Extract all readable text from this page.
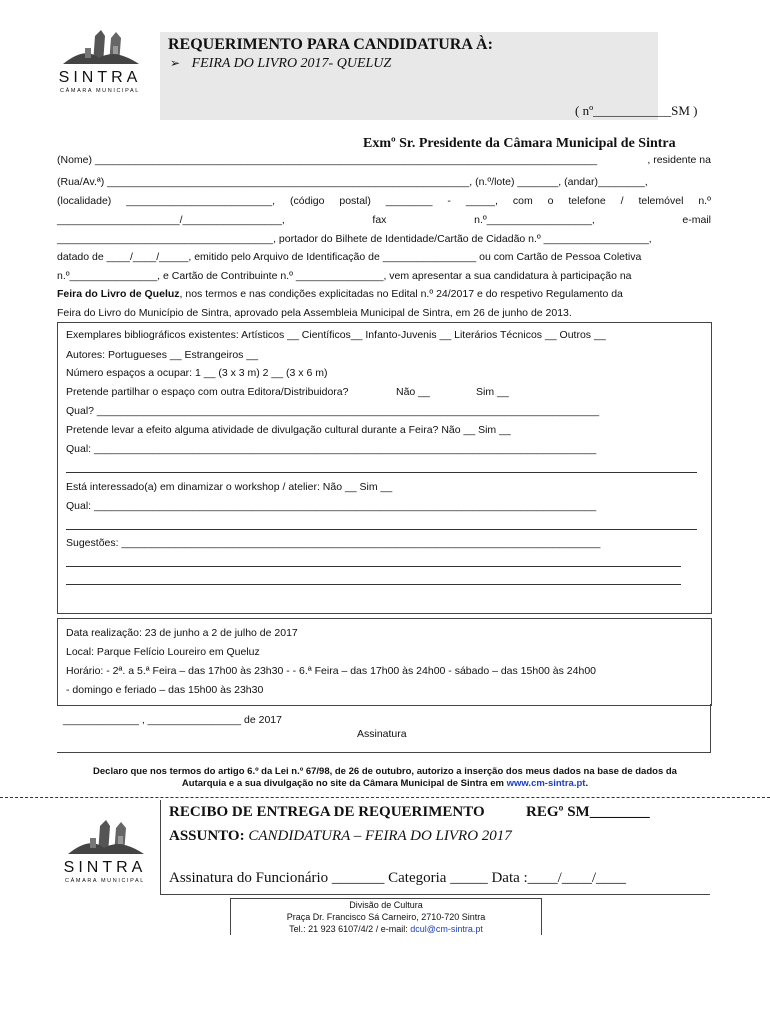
SINTRA
CÂMARA MUNICIPAL
REQUERIMENTO PARA CANDIDATURA À:
➢ FEIRA DO LIVRO 2017- QUELUZ
( nº____________SM )
Exmº Sr. Presidente da Câmara Municipal de Sintra
(Nome) ______________________________________________________________________________________	, residente na
(Rua/Av.ª) ______________________________________________________________, (n.º/lote) _______, (andar)________,
(localidade) _________________________, (código postal) ________ - _____, com o telefone / telemóvel n.º
_____________________/_________________,	fax	n.º__________________,	e-mail
_____________________________________, portador do Bilhete de Identidade/Cartão de Cidadão n.º __________________,
datado de ____/____/_____, emitido pelo Arquivo de Identificação de ________________ ou com Cartão de Pessoa Coletiva
n.º_______________, e Cartão de Contribuinte n.º _______________, vem apresentar a sua candidatura à participação na
Feira do Livro de Queluz, nos termos e nas condições explicitadas no Edital n.º 24/2017 e do respetivo Regulamento da
Feira do Livro do Município de Sintra, aprovado pela Assembleia Municipal de Sintra, em 26 de junho de 2013.
Exemplares bibliográficos existentes: Artísticos __ Científicos__ Infanto-Juvenis __ Literários Técnicos __ Outros __
Autores: Portugueses __ Estrangeiros __
Número espaços a ocupar: 1 __ (3 x 3 m) 2 __ (3 x 6 m)
Pretende partilhar o espaço com outra Editora/Distribuidora?	Não __	Sim __
Qual? ______________________________________________________________________________________
Pretende levar a efeito alguma atividade de divulgação cultural durante a Feira? Não __ Sim __
Qual: ______________________________________________________________________________________
Está interessado(a) em dinamizar o workshop / atelier: Não __ Sim __
Qual: ______________________________________________________________________________________
Sugestões: __________________________________________________________________________________
Data realização: 23 de junho a 2 de julho de 2017
Local: Parque Felício Loureiro em Queluz
Horário: - 2ª. a 5.ª Feira – das 17h00 às 23h30 - - 6.ª Feira – das 17h00 às 24h00 - sábado – das 15h00 às 24h00
- domingo e feriado – das 15h00 às 23h30
_____________ , ________________ de 2017
Assinatura
Declaro que nos termos do artigo 6.º da Lei n.º 67/98, de 26 de outubro, autorizo a inserção dos meus dados na base de dados da
Autarquia e a sua divulgação no site da Câmara Municipal de Sintra em www.cm-sintra.pt.
SINTRA
CÂMARA MUNICIPAL
RECIBO DE ENTREGA DE REQUERIMENTO	REGº SM________
ASSUNTO: CANDIDATURA – FEIRA DO LIVRO 2017
Assinatura do Funcionário _______ Categoria _____ Data :____/____/____
Divisão de Cultura
Praça Dr. Francisco Sá Carneiro, 2710-720 Sintra
Tel.: 21 923 6107/4/2 / e-mail: dcul@cm-sintra.pt
